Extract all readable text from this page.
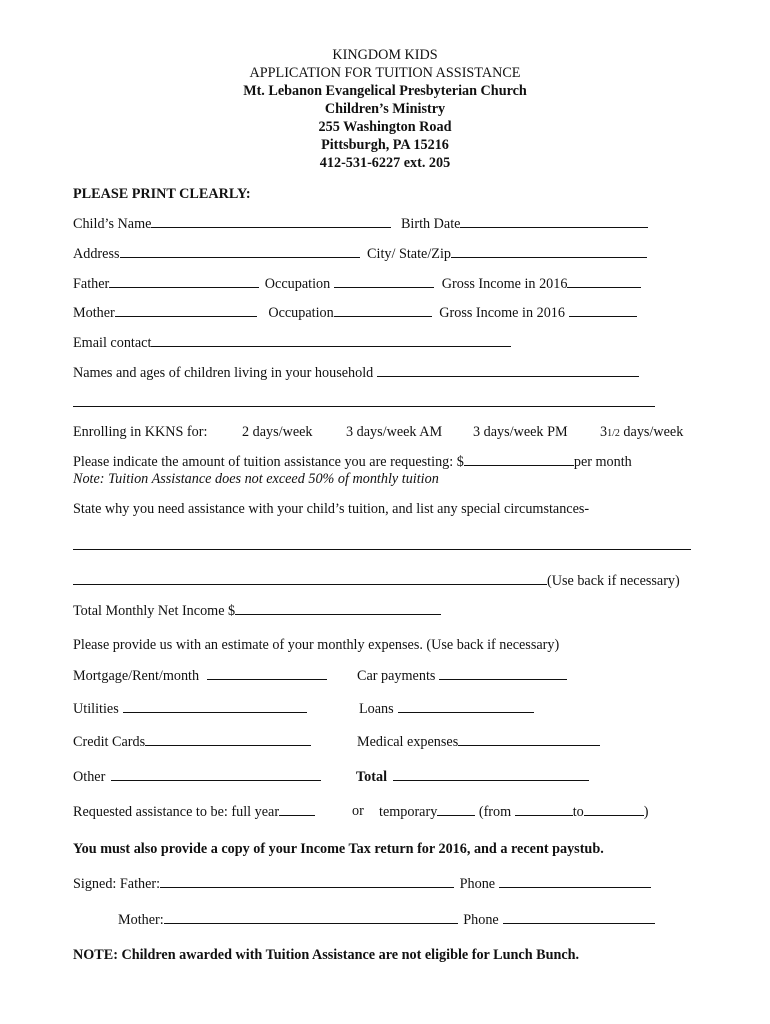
KINGDOM KIDS
APPLICATION FOR TUITION ASSISTANCE
Mt. Lebanon Evangelical Presbyterian Church
Children’s Ministry
255 Washington Road
Pittsburgh, PA 15216
412-531-6227 ext. 205
PLEASE PRINT CLEARLY:
Child’s Name	Birth Date
Address	City/ State/Zip
Father	Occupation	Gross Income in 2016
Mother	Occupation	Gross Income in 2016
Email contact
Names and ages of children living in your household
Enrolling in KKNS for: 2 days/week 3 days/week AM 3 days/week PM 31/2 days/week
Please indicate the amount of tuition assistance you are requesting: $	per month
Note: Tuition Assistance does not exceed 50% of monthly tuition
State why you need assistance with your child’s tuition, and list any special circumstances-
(Use back if necessary)
Total Monthly Net Income $
Please provide us with an estimate of your monthly expenses. (Use back if necessary)
Mortgage/Rent/month	Car payments
Utilities	Loans
Credit Cards	Medical expenses
Other	Total
Requested assistance to be: full year	or temporary	(from	to	)
You must also provide a copy of your Income Tax return for 2016, and a recent paystub.
Signed: Father:	Phone
Mother:	Phone
NOTE: Children awarded with Tuition Assistance are not eligible for Lunch Bunch.
